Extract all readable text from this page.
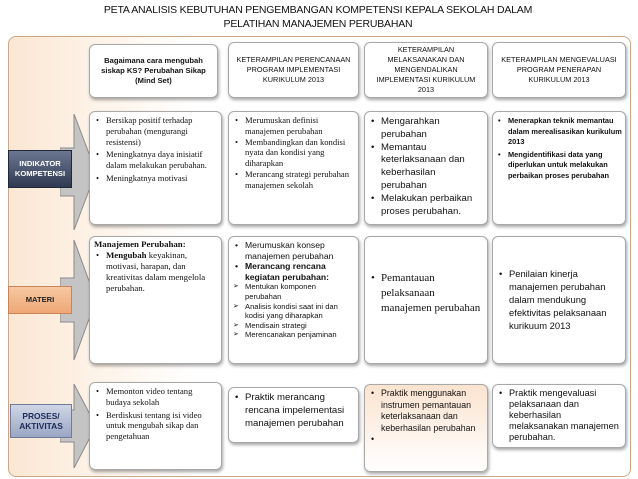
PETA ANALISIS KEBUTUHAN PENGEMBANGAN KOMPETENSI KEPALA SEKOLAH DALAM PELATIHAN MANAJEMEN PERUBAHAN
Bagaimana cara mengubah siskap KS? Perubahan Sikap (Mind Set)
KETERAMPILAN PERENCANAAN PROGRAM IMPLEMENTASI KURIKULUM 2013
KETERAMPILAN MELAKSANAKAN DAN MENGENDALIKAN IMPLEMENTASI KURIKULUM 2013
KETERAMPILAN MENGEVALUASI PROGRAM PENERAPAN KURIKULUM 2013
INDIKATOR KOMPETENSI
• Bersikap positif terhadap perubahan (mengurangi resistensi)
• Meningkatnya daya inisiatif dalam melakukan perubahan.
• Meningkatnya motivasi
• Merumuskan definisi manajemen perubahan
• Membandingkan dan kondisi nyata dan kondisi yang diharapkan
• Merancang strategi perubahan manajemen sekolah
• Mengarahkan perubahan
• Memantau keterlaksanaan dan keberhasilan perubahan
• Melakukan perbaikan proses perubahan.
• Menerapkan teknik memantau dalam merealisasikan kurikulum 2013
• Mengidentifikasi data yang diperlukan untuk melakukan perbaikan proses perubahan
MATERI
Manajemen Perubahan:
• Mengubah keyakinan, motivasi, harapan, dan kreativitas dalam mengelola perubahan.
• Merumuskan konsep manajemen perubahan
• Merancang rencana kegiatan perubahan:
➢ Mentukan komponen perubahan
➢ Analisis kondisi saat ini dan kodisi yang diharapkan
➢ Mendisain strategi
➢ Merencanakan penjaminan
• Pemantauan pelaksanaan manajemen perubahan
• Penilaian kinerja manajemen perubahan dalam mendukung efektivitas pelaksanaan kurikuum 2013
PROSES/ AKTIVITAS
• Memonton video tentang budaya sekolah
• Berdiskusi tentang isi video untuk mengubah sikap dan pengetahuan
• Praktik merancang rencana impelementasi manajemen perubahan
• Praktik menggunakan instrumen pemantauan keterlaksanaan dan keberhasilan perubahan
• Praktik mengevaluasi pelaksanaan dan keberhasilan melaksanakan manajemen perubahan.
